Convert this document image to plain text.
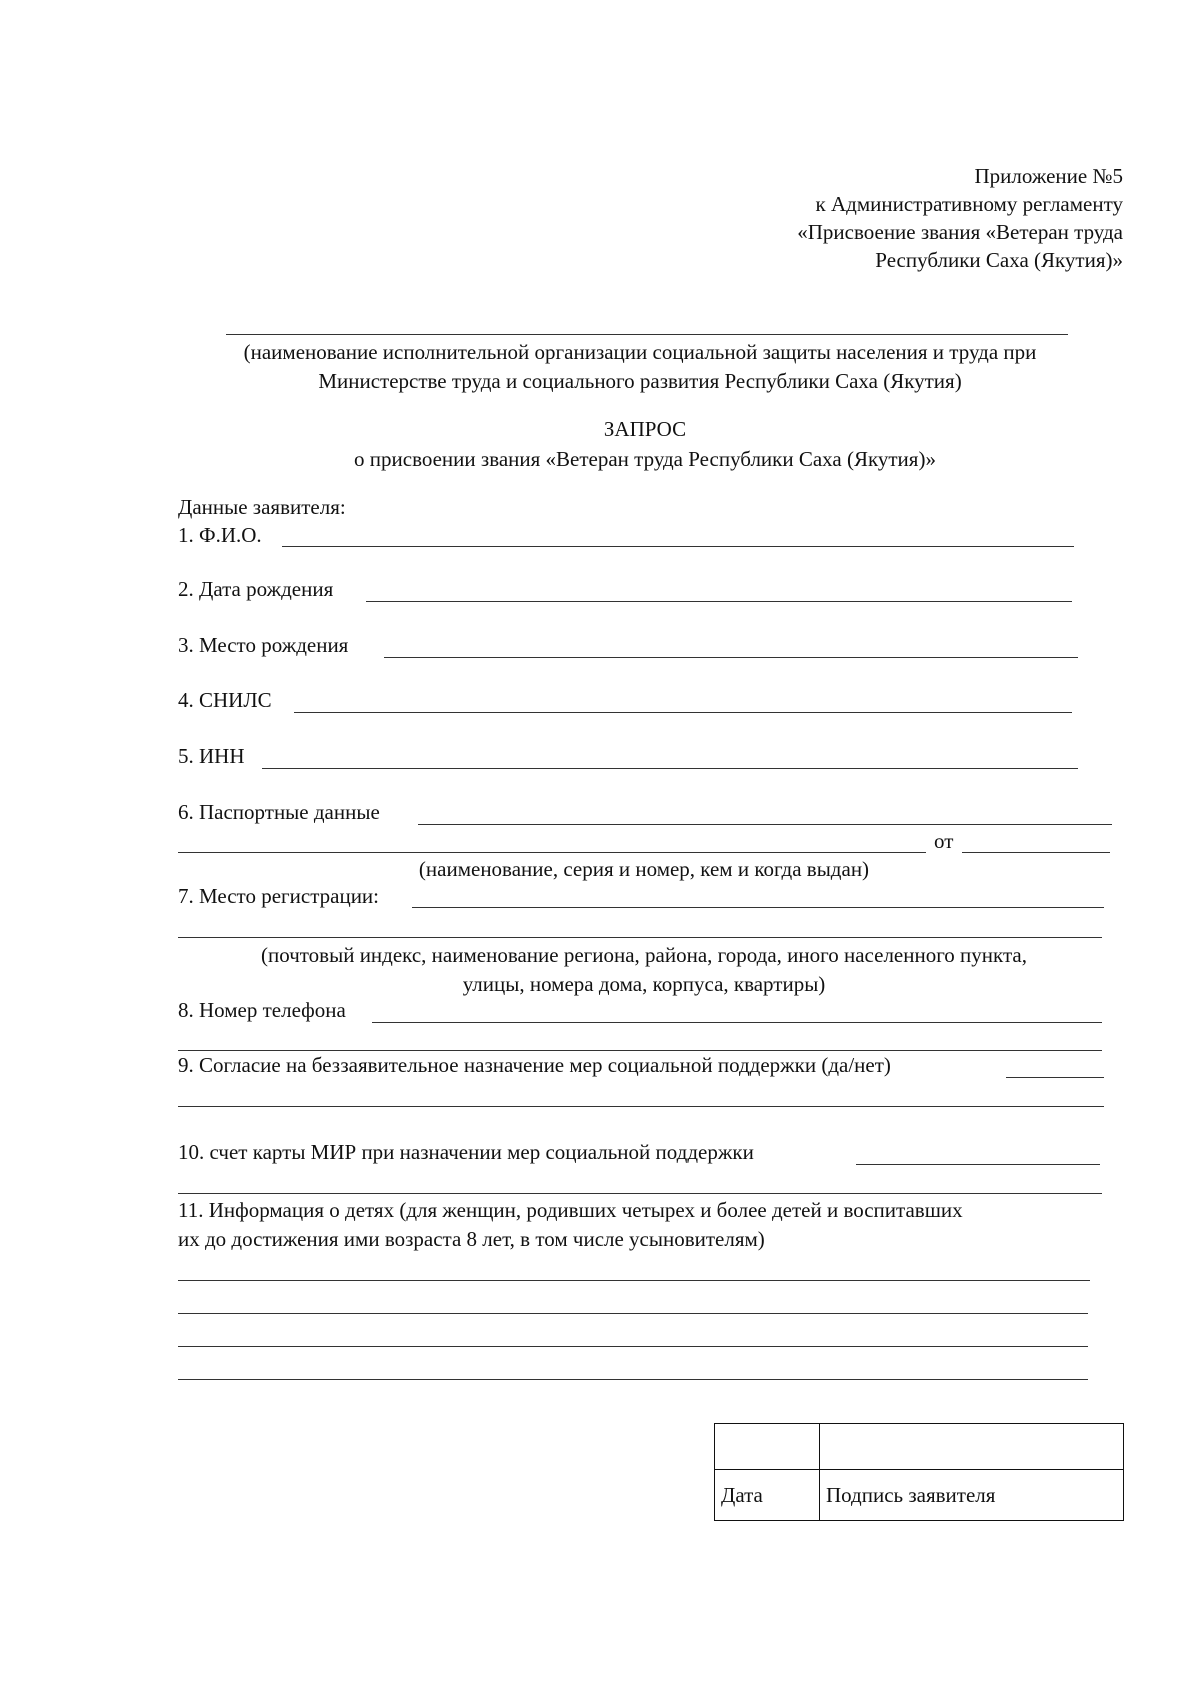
Приложение №5
к Административному регламенту
«Присвоение звания «Ветеран труда
Республики Саха (Якутия)»
(наименование исполнительной организации социальной защиты населения и труда при
Министерстве труда и социального развития Республики Саха (Якутия)
ЗАПРОС
о присвоении звания «Ветеран труда Республики Саха (Якутия)»
Данные заявителя:
1. Ф.И.О.
2. Дата рождения
3. Место рождения
4. СНИЛС
5. ИНН
6. Паспортные данные
от
(наименование, серия и номер, кем и когда выдан)
7. Место регистрации:
(почтовый индекс, наименование региона, района, города, иного населенного пункта,
улицы, номера дома, корпуса, квартиры)
8. Номер телефона
9. Согласие на беззаявительное назначение мер социальной поддержки (да/нет)
10. счет карты МИР при назначении мер социальной поддержки
11. Информация о детях (для женщин, родивших четырех и более детей и воспитавших
их до достижения ими возраста 8 лет, в том числе усыновителям)

Дата	Подпись заявителя
